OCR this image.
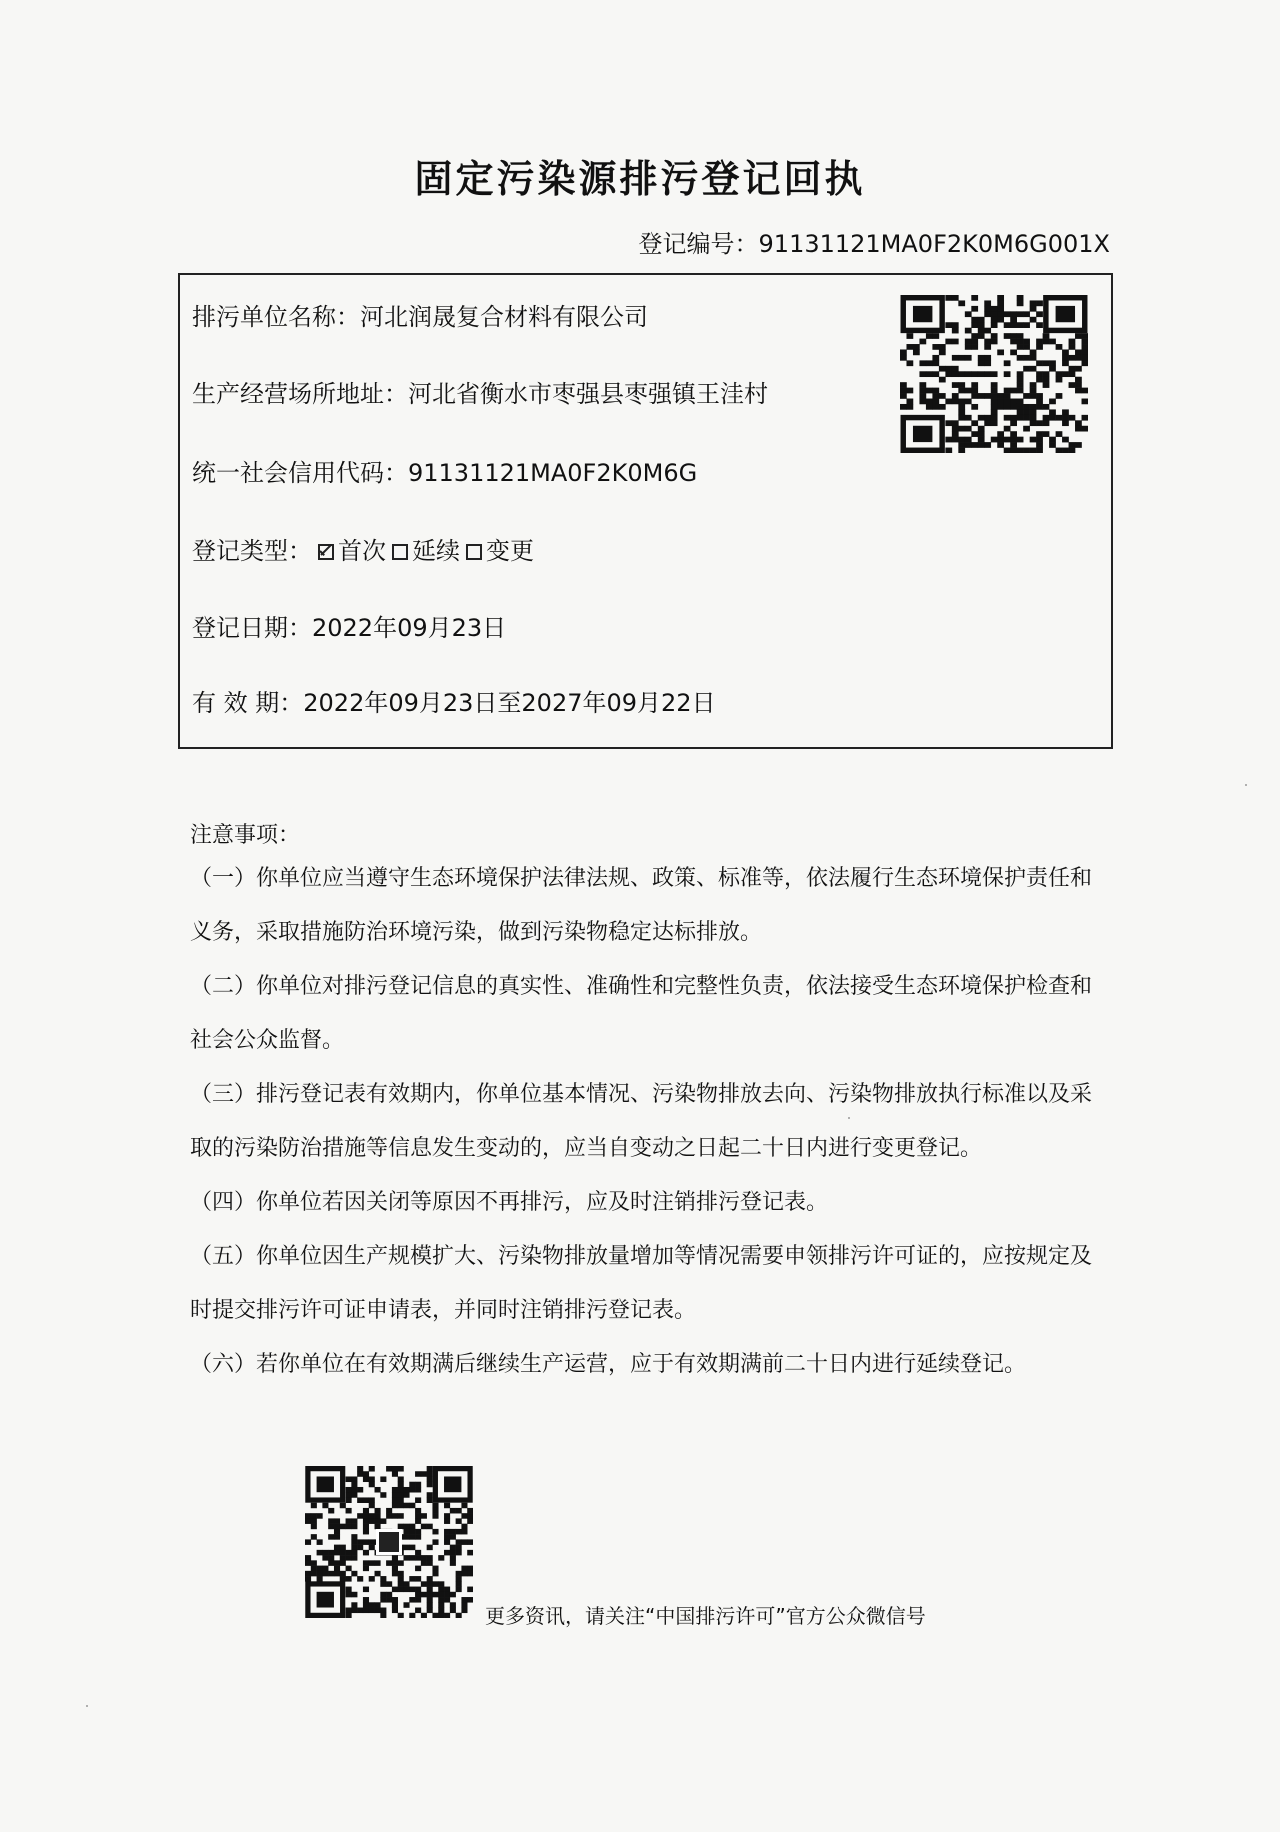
固定污染源排污登记回执
登记编号：91131121MA0F2K0M6G001X
排污单位名称：河北润晟复合材料有限公司
生产经营场所地址：河北省衡水市枣强县枣强镇王洼村
统一社会信用代码：91131121MA0F2K0M6G
登记类型： 首次 延续 变更
登记日期：2022年09月23日
有 效 期：2022年09月23日至2027年09月22日
注意事项：
（一）你单位应当遵守生态环境保护法律法规、政策、标准等，依法履行生态环境保护责任和义务，采取措施防治环境污染，做到污染物稳定达标排放。
（二）你单位对排污登记信息的真实性、准确性和完整性负责，依法接受生态环境保护检查和社会公众监督。
（三）排污登记表有效期内，你单位基本情况、污染物排放去向、污染物排放执行标准以及采取的污染防治措施等信息发生变动的，应当自变动之日起二十日内进行变更登记。
（四）你单位若因关闭等原因不再排污，应及时注销排污登记表。
（五）你单位因生产规模扩大、污染物排放量增加等情况需要申领排污许可证的，应按规定及时提交排污许可证申请表，并同时注销排污登记表。
（六）若你单位在有效期满后继续生产运营，应于有效期满前二十日内进行延续登记。
更多资讯，请关注“中国排污许可”官方公众微信号
